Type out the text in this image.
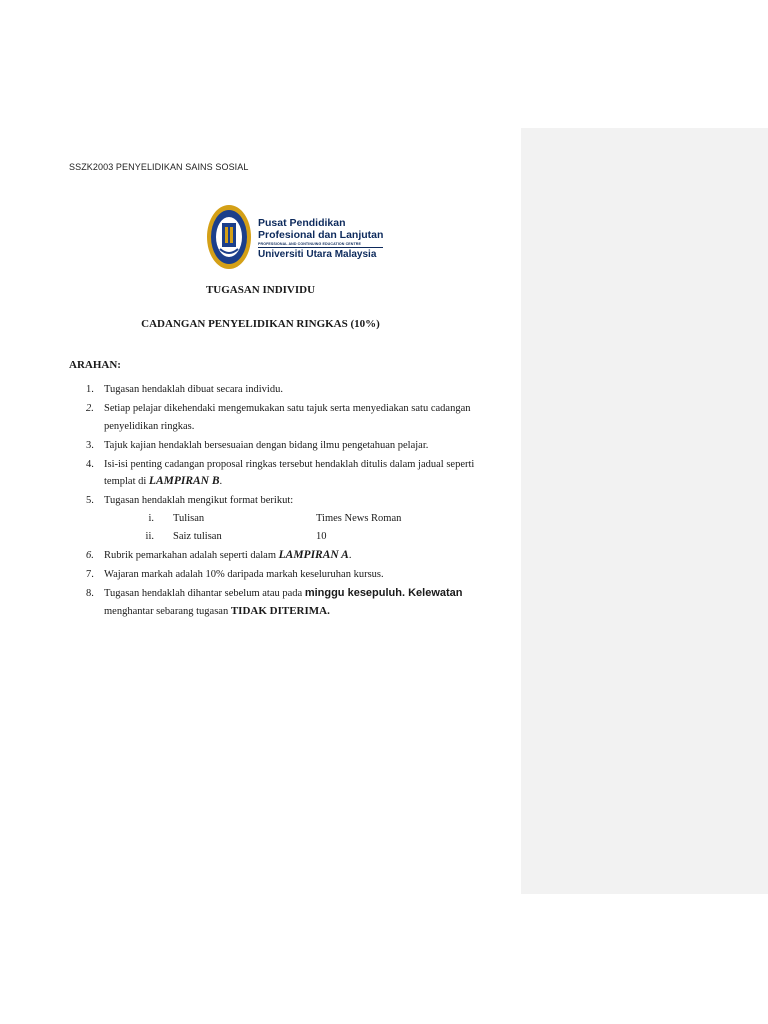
SSZK2003 PENYELIDIKAN SAINS SOSIAL
Pusat Pendidikan
Profesional dan Lanjutan
PROFESSIONAL AND CONTINUING EDUCATION CENTRE
Universiti Utara Malaysia
TUGASAN INDIVIDU
CADANGAN PENYELIDIKAN RINGKAS (10%)
ARAHAN:
1. Tugasan hendaklah dibuat secara individu.
2. Setiap pelajar dikehendaki mengemukakan satu tajuk serta menyediakan satu cadangan penyelidikan ringkas.
3. Tajuk kajian hendaklah bersesuaian dengan bidang ilmu pengetahuan pelajar.
4. Isi-isi penting cadangan proposal ringkas tersebut hendaklah ditulis dalam jadual seperti templat di LAMPIRAN B.
5. Tugasan hendaklah mengikut format berikut:
i. Tulisan	Times News Roman
ii. Saiz tulisan	10
6. Rubrik pemarkahan adalah seperti dalam LAMPIRAN A.
7. Wajaran markah adalah 10% daripada markah keseluruhan kursus.
8. Tugasan hendaklah dihantar sebelum atau pada minggu kesepuluh. Kelewatan menghantar sebarang tugasan TIDAK DITERIMA.
